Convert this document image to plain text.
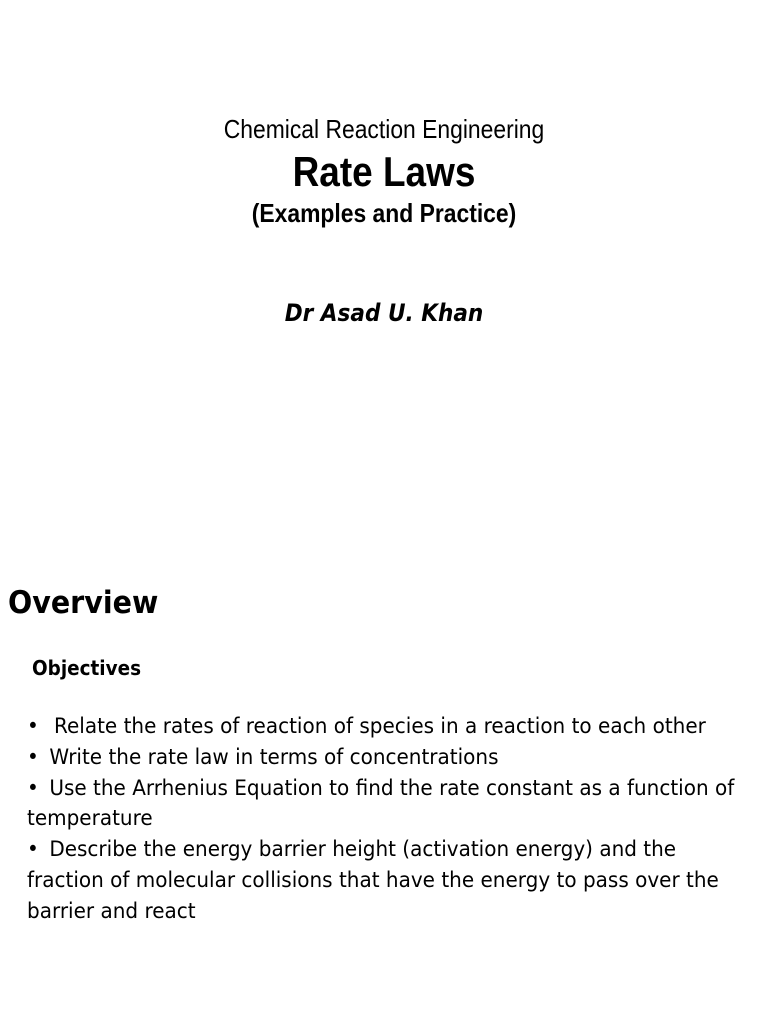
Chemical Reaction Engineering
Rate Laws
(Examples and Practice)
Dr Asad U. Khan
Overview
Objectives
• Relate the rates of reaction of species in a reaction to each other
• Write the rate law in terms of concentrations
• Use the Arrhenius Equation to find the rate constant as a function of temperature
• Describe the energy barrier height (activation energy) and the fraction of molecular collisions that have the energy to pass over the barrier and react
